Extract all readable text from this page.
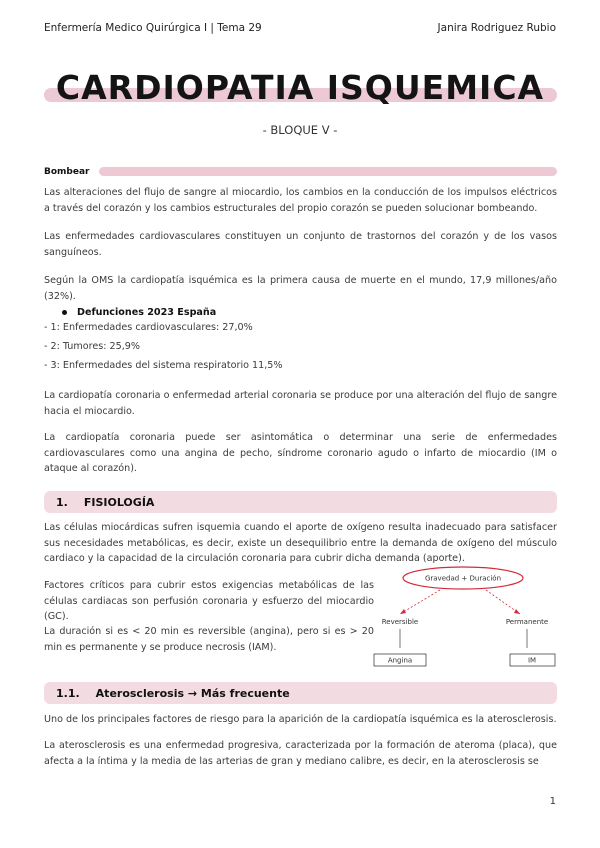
Enfermería Medico Quirúrgica I | Tema 29	Janira Rodriguez Rubio
CARDIOPATIA ISQUEMICA
- BLOQUE V -
Bombear

Las alteraciones del flujo de sangre al miocardio, los cambios en la conducción de los impulsos eléctricos a través del corazón y los cambios estructurales del propio corazón se pueden solucionar bombeando.

Las enfermedades cardiovasculares constituyen un conjunto de trastornos del corazón y de los vasos sanguíneos.

Según la OMS la cardiopatía isquémica es la primera causa de muerte en el mundo, 17,9 millones/año (32%).

Defunciones 2023 España
- 1: Enfermedades cardiovasculares: 27,0%
- 2: Tumores: 25,9%
- 3: Enfermedades del sistema respiratorio 11,5%

La cardiopatía coronaria o enfermedad arterial coronaria se produce por una alteración del flujo de sangre hacia el miocardio.

La cardiopatía coronaria puede ser asintomática o determinar una serie de enfermedades cardiovasculares como una angina de pecho, síndrome coronario agudo o infarto de miocardio (IM o ataque al corazón).

1. FISIOLOGÍA

Las células miocárdicas sufren isquemia cuando el aporte de oxígeno resulta inadecuado para satisfacer sus necesidades metabólicas, es decir, existe un desequilibrio entre la demanda de oxígeno del músculo cardiaco y la capacidad de la circulación coronaria para cubrir dicha demanda (aporte).

Factores críticos para cubrir estos exigencias metabólicas de las células cardiacas son perfusión coronaria y esfuerzo del miocardio (GC).

La duración si es < 20 min es reversible (angina), pero si es > 20 min es permanente y se produce necrosis (IAM).

Gravedad + Duración
Reversible	Permanente
Angina	IM
1.1. Aterosclerosis → Más frecuente

Uno de los principales factores de riesgo para la aparición de la cardiopatía isquémica es la aterosclerosis.

La aterosclerosis es una enfermedad progresiva, caracterizada por la formación de ateroma (placa), que afecta a la íntima y la media de las arterias de gran y mediano calibre, es decir, en la aterosclerosis se

1
